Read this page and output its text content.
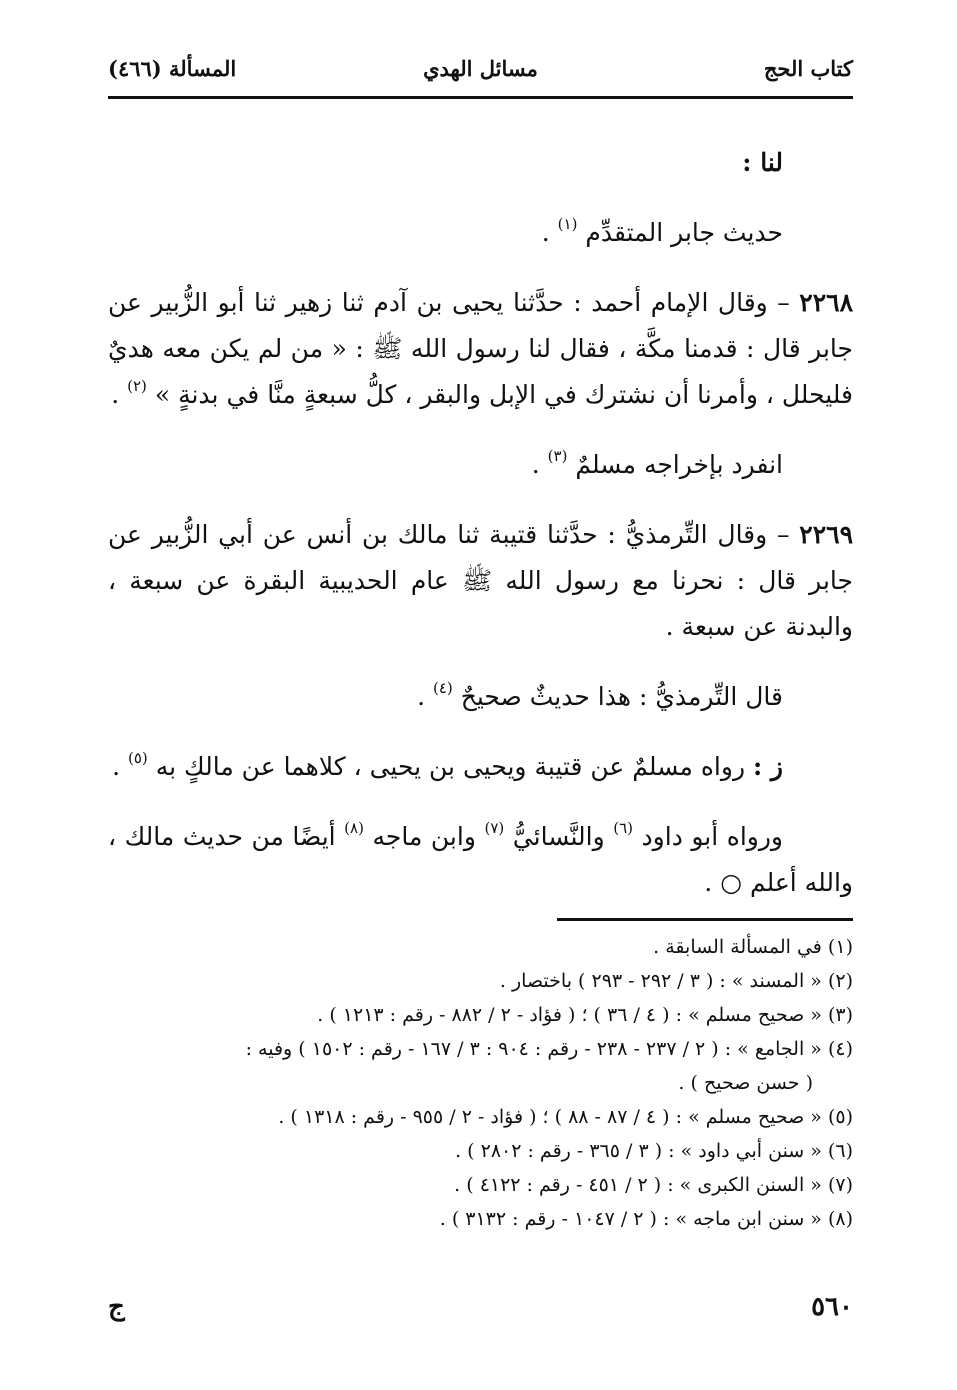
كتاب الحج
مسائل الهدي
المسألة (٤٦٦)

لنا :

حديث جابر المتقدِّم $^{(١)}$ .

٢٢٦٨ – وقال الإمام أحمد : حدَّثنا يحيى بن آدم ثنا زهير ثنا أبو الزُّبير عن جابر قال : قدمنا مكَّة ، فقال لنا رسول الله ﷺ : « من لم يكن معه هديٌ فليحلل ، وأمرنا أن نشترك في الإبل والبقر ، كلُّ سبعةٍ منَّا في بدنةٍ » $^{(٢)}$ .

انفرد بإخراجه مسلمٌ $^{(٣)}$ .

٢٢٦٩ – وقال التِّرمذيُّ : حدَّثنا قتيبة ثنا مالك بن أنس عن أبي الزُّبير عن جابر قال : نحرنا مع رسول الله ﷺ عام الحديبية البقرة عن سبعة ، والبدنة عن سبعة .

قال التِّرمذيُّ : هذا حديثٌ صحيحٌ $^{(٤)}$ .

ز : رواه مسلمٌ عن قتيبة ويحيى بن يحيى ، كلاهما عن مالكٍ به $^{(٥)}$ .

ورواه أبو داود $^{(٦)}$ والنَّسائيُّ $^{(٧)}$ وابن ماجه $^{(٨)}$ أيضًا من حديث مالك ، والله أعلم ○ .

(١) في المسألة السابقة .
(٢) « المسند » : ( ٣ / ٢٩٢ - ٢٩٣ ) باختصار .
(٣) « صحيح مسلم » : ( ٤ / ٣٦ ) ؛ ( فؤاد - ٢ / ٨٨٢ - رقم : ١٢١٣ ) .
(٤) « الجامع » : ( ٢ / ٢٣٧ - ٢٣٨ - رقم : ٩٠٤ : ٣ / ١٦٧ - رقم : ١٥٠٢ ) وفيه :
( حسن صحيح ) .
(٥) « صحيح مسلم » : ( ٤ / ٨٧ - ٨٨ ) ؛ ( فؤاد - ٢ / ٩٥٥ - رقم : ١٣١٨ ) .
(٦) « سنن أبي داود » : ( ٣ / ٣٦٥ - رقم : ٢٨٠٢ ) .
(٧) « السنن الكبرى » : ( ٢ / ٤٥١ - رقم : ٤١٢٢ ) .
(٨) « سنن ابن ماجه » : ( ٢ / ١٠٤٧ - رقم : ٣١٣٢ ) .
٥٦٠
ج
